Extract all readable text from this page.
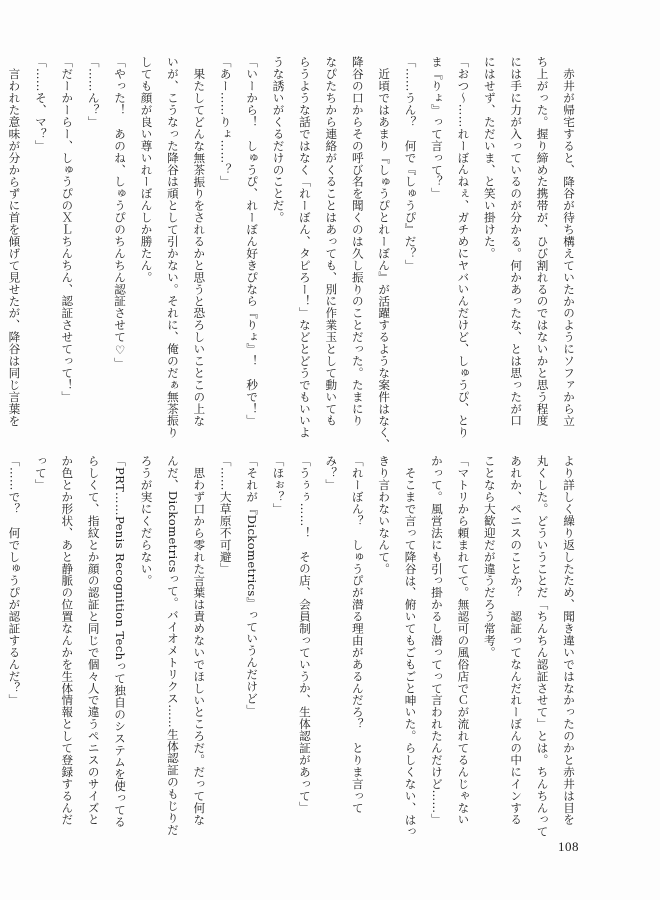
赤井が帰宅すると、降谷が待ち構えていたかのようにソファから立

ち上がった。握り締めた携帯が、ひび割れるのではないかと思う程度

には手に力が入っているのが分かる。何かあったな、とは思ったが口

にはせず、ただいま、と笑い掛けた。

「おつ～……れーぼんねぇ、ガチめにヤバいんだけど、しゅうぴ、とり

ま『りょ』って言って？」

「……うん？　何で『しゅうぴ』だ？」

近頃ではあまり『しゅうぴとれーぼん』が活躍するような案件はなく、

降谷の口からその呼び名を聞くのは久し振りのことだった。たまにり

なぴたちから連絡がくることはあっても、別に作業玉として動いても

らうような話ではなく「れーぼん、タピろー！」などとどうでもいいよ

うな誘いがくるだけのことだ。

「いーから！　しゅうぴ、れーぼん好きぴなら『りょ』！　秒で！」

「あー……りょ……？」

果たしてどんな無茶振りをされるかと思うと恐ろしいことこの上な

いが、こうなった降谷は頑として引かない。それに、俺のだぁ無茶振り

しても顔が良い尊いれーぼんしか勝たん。

「やった！　あのね、しゅうぴのちんちん認証させて♡」

「……ん？」

「だーかーらー、しゅうぴのＸＬちんちん、認証させてって！」

「……そ、マ？」

言われた意味が分からずに首を傾げて見せたが、降谷は同じ言葉を

より詳しく繰り返したため、聞き違いではなかったのかと赤井は目を

丸くした。どういうことだ「ちんちん認証させて」とは。ちんちんって

あれか、ペニスのことか？　認証ってなんだれーぼんの中にインする

ことなら大歓迎だが違うだろう常考。

「マトリから頼まれてて。無認可の風俗店でＣが流れてるんじゃない

かって。風営法にも引っ掛かるし潜ってって言われたんだけど……」

そこまで言って降谷は、俯いてもごもごと呻いた。らしくない、はっ

きり言わないなんて。

「れーぼん？　しゅうぴが潜る理由があるんだろ？　とりま言って

み？」

「うぅぅ……！　その店、会員制っていうか、生体認証があって」

「ほぉ？」

「それが『Dickometrics』っていうんだけど」

「……大草原不可避」

思わず口から零れた言葉は責めないでほしいところだ。だって何な

んだ、Dickometricsって。バイオメトリクス……生体認証のもじりだ

ろうが実にくだらない。

「PRT……Penis Recognition Techって独自のシステムを使ってる

らしくて、指紋とか顔の認証と同じで個々人で違うペニスのサイズと

か色とか形状、あと静脈の位置なんかを生体情報として登録するんだ

って」

「……で？　何でしゅうぴが認証するんだ？」

108
